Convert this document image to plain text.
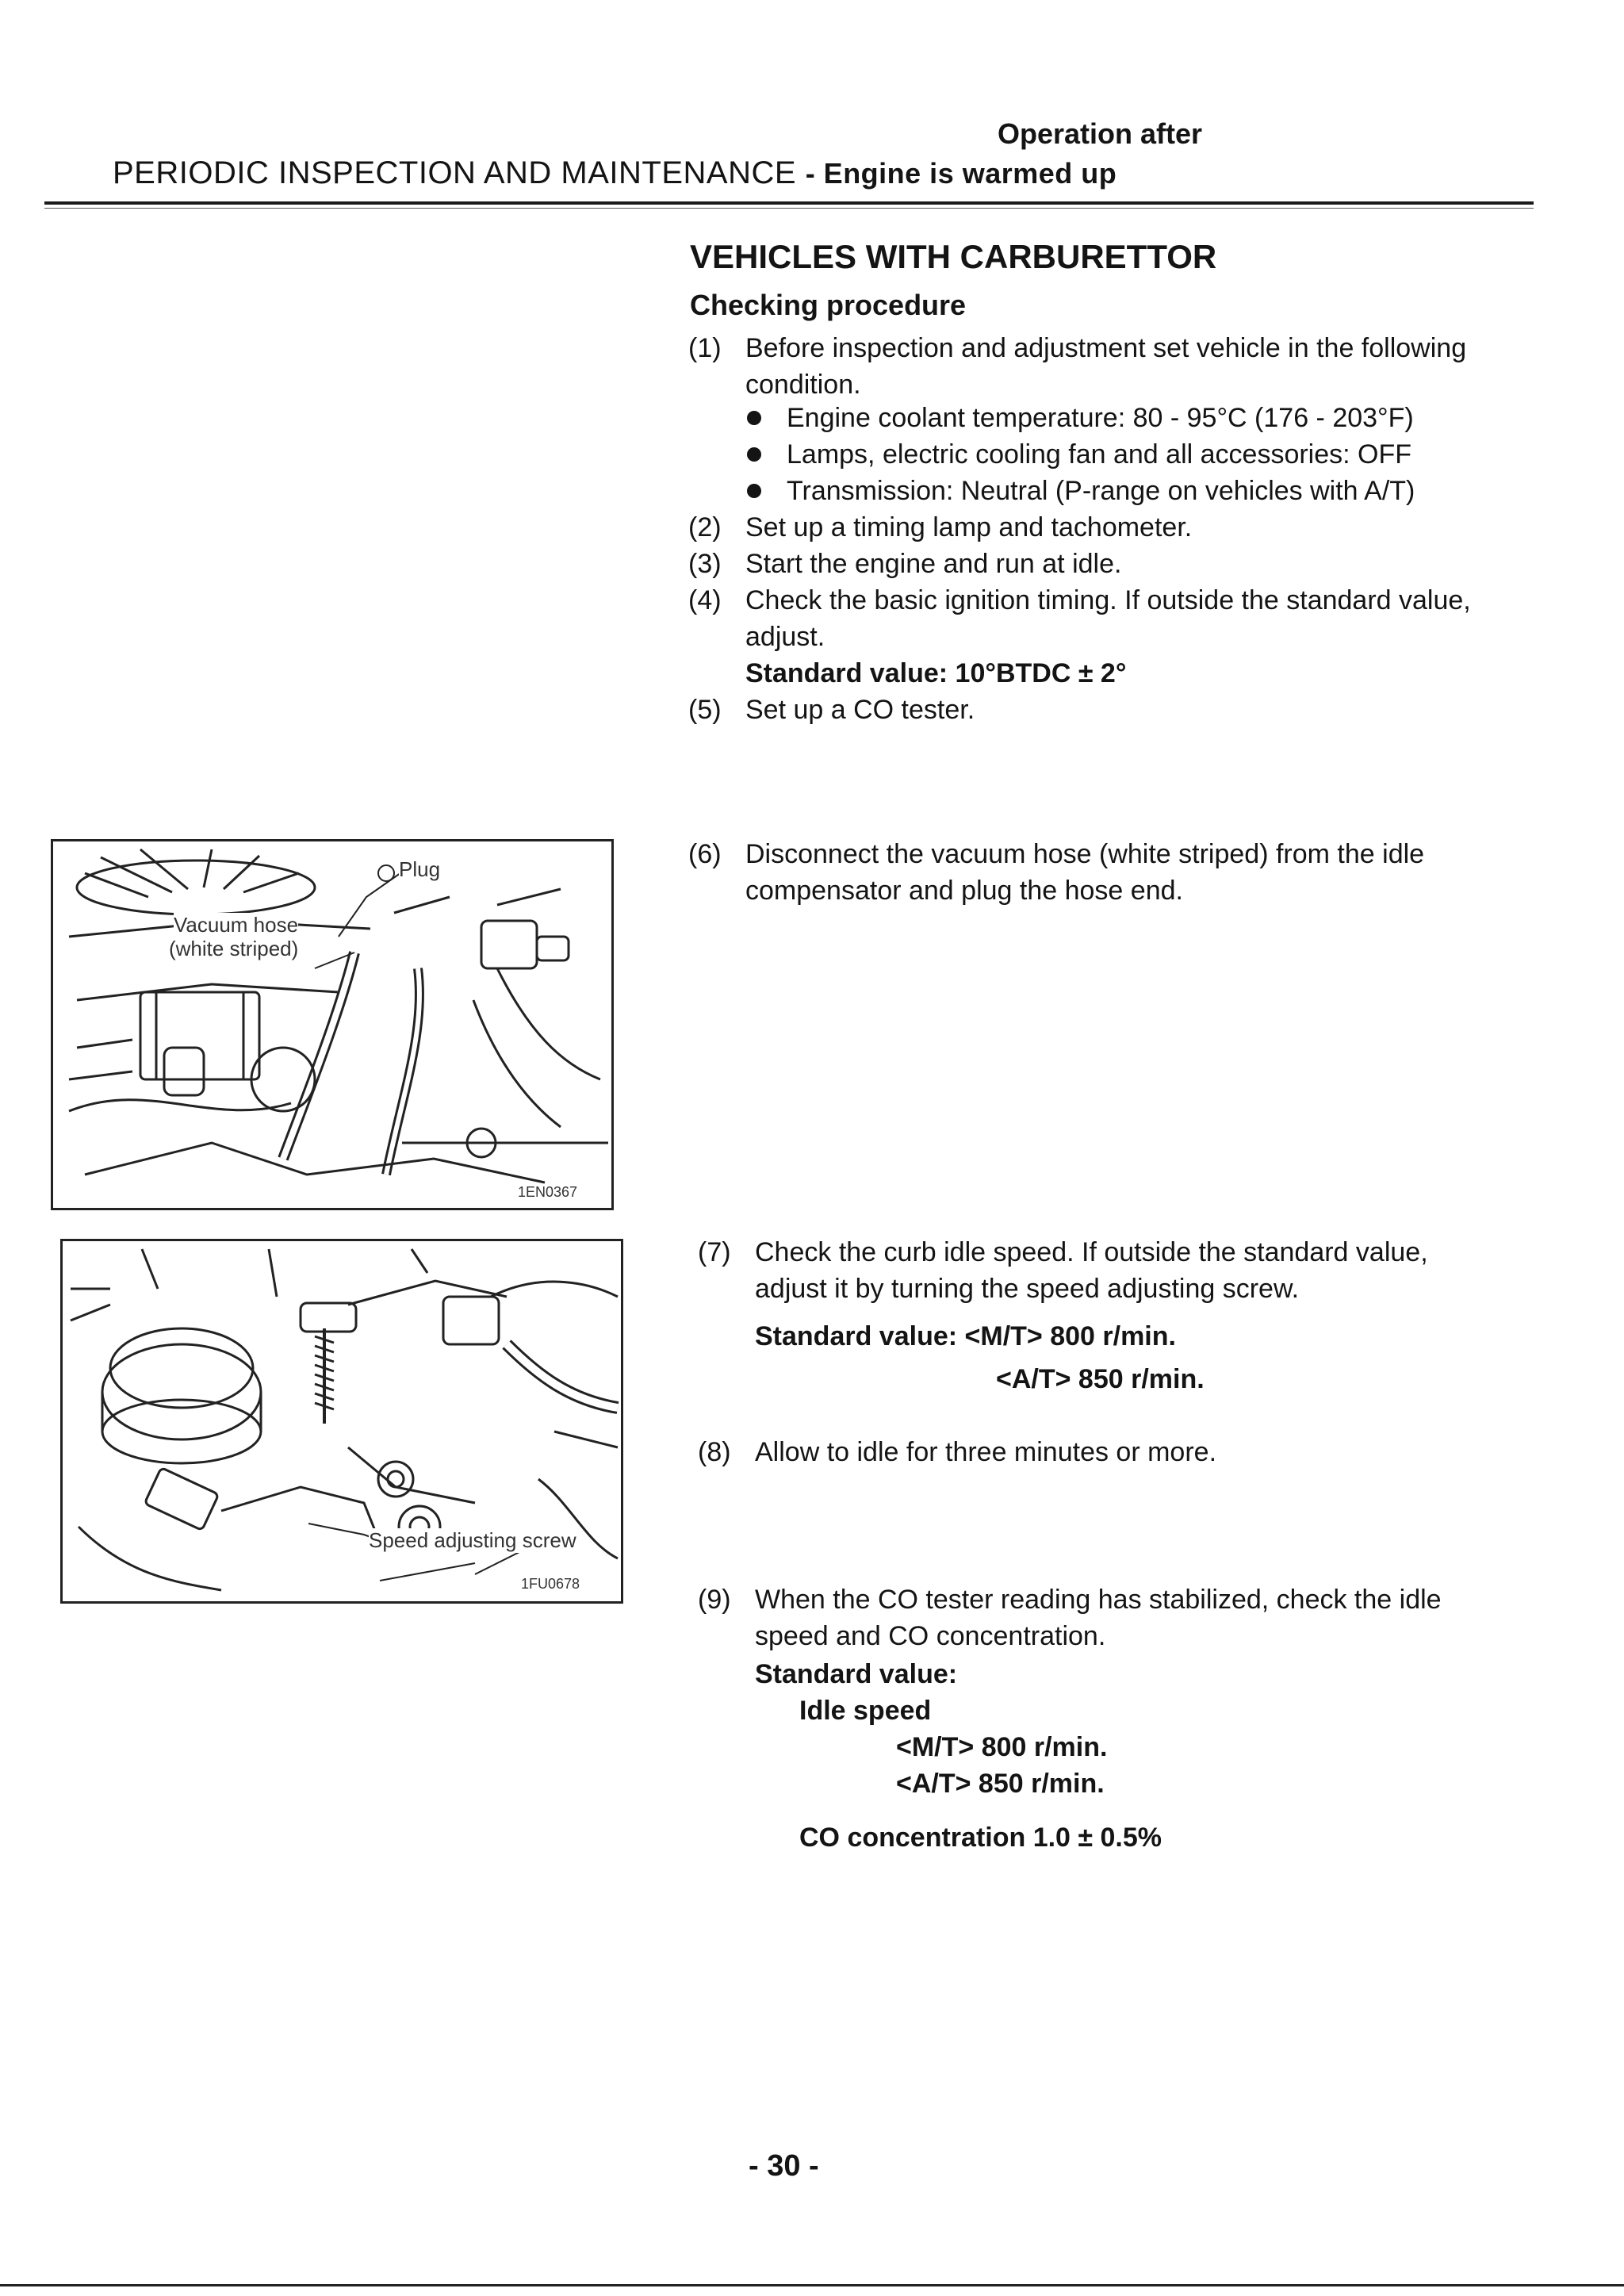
Operation after
PERIODIC INSPECTION AND MAINTENANCE - Engine is warmed up
VEHICLES WITH CARBURETTOR
Checking procedure
(1) Before inspection and adjustment set vehicle in the following
condition.
Engine coolant temperature: 80 - 95°C (176 - 203°F)
Lamps, electric cooling fan and all accessories: OFF
Transmission: Neutral (P-range on vehicles with A/T)
(2) Set up a timing lamp and tachometer.
(3) Start the engine and run at idle.
(4) Check the basic ignition timing. If outside the standard value,
adjust.
Standard value: 10°BTDC ± 2°
(5) Set up a CO tester.
Plug
Vacuum hose
(white striped)
1EN0367
(6) Disconnect the vacuum hose (white striped) from the idle
compensator and plug the hose end.
Speed adjusting screw
1FU0678
(7) Check the curb idle speed. If outside the standard value,
adjust it by turning the speed adjusting screw.
Standard value: <M/T> 800 r/min.
<A/T> 850 r/min.
(8) Allow to idle for three minutes or more.
(9) When the CO tester reading has stabilized, check the idle
speed and CO concentration.
Standard value:
Idle speed
<M/T> 800 r/min.
<A/T> 850 r/min.
CO concentration 1.0 ± 0.5%
- 30 -
